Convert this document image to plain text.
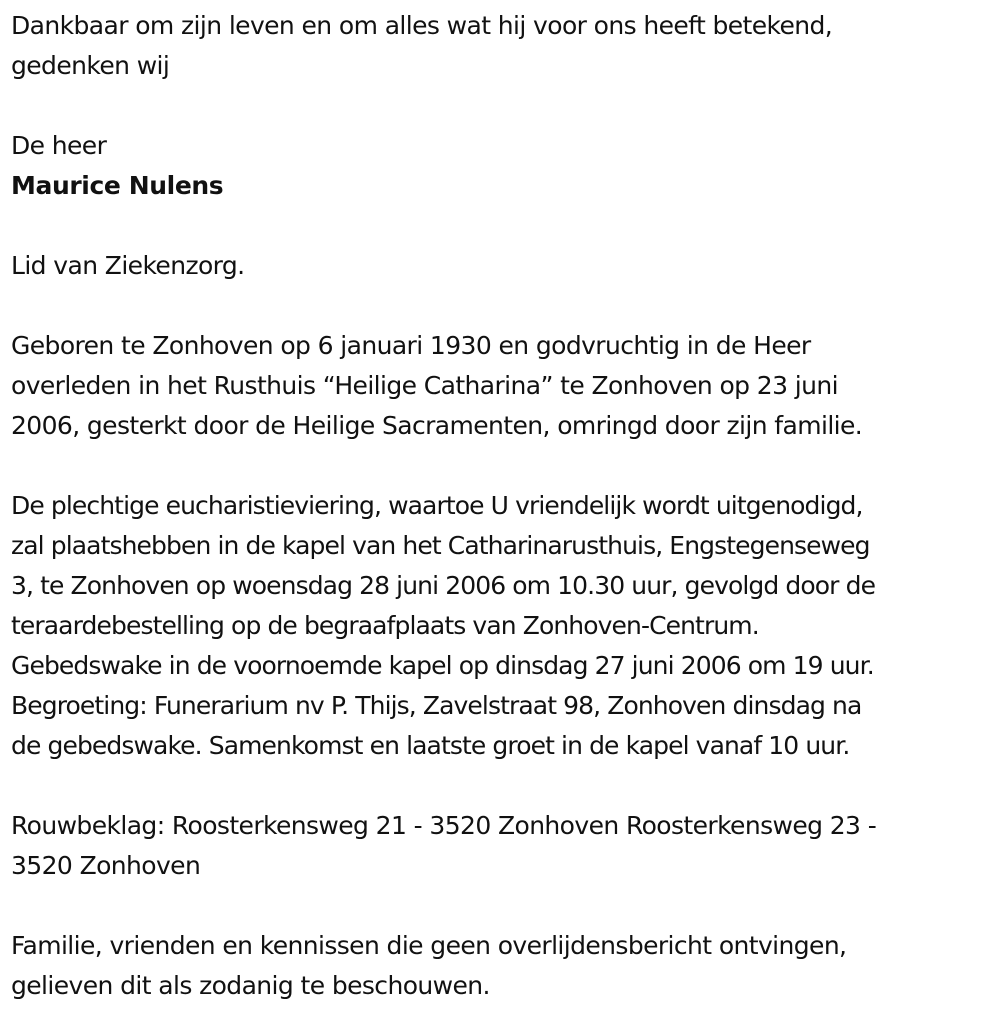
Dankbaar om zijn leven en om alles wat hij voor ons heeft betekend,
gedenken wij

De heer

Maurice Nulens

Lid van Ziekenzorg.

Geboren te Zonhoven op 6 januari 1930 en godvruchtig in de Heer
overleden in het Rusthuis “Heilige Catharina” te Zonhoven op 23 juni
2006, gesterkt door de Heilige Sacramenten, omringd door zijn familie.

De plechtige eucharistieviering, waartoe U vriendelijk wordt uitgenodigd,
zal plaatshebben in de kapel van het Catharinarusthuis, Engstegenseweg
3, te Zonhoven op woensdag 28 juni 2006 om 10.30 uur, gevolgd door de
teraardebestelling op de begraafplaats van Zonhoven-Centrum.
Gebedswake in de voornoemde kapel op dinsdag 27 juni 2006 om 19 uur.
Begroeting: Funerarium nv P. Thijs, Zavelstraat 98, Zonhoven dinsdag na
de gebedswake. Samenkomst en laatste groet in de kapel vanaf 10 uur.

Rouwbeklag: Roosterkensweg 21 - 3520 Zonhoven Roosterkensweg 23 -
3520 Zonhoven

Familie, vrienden en kennissen die geen overlijdensbericht ontvingen,
gelieven dit als zodanig te beschouwen.
